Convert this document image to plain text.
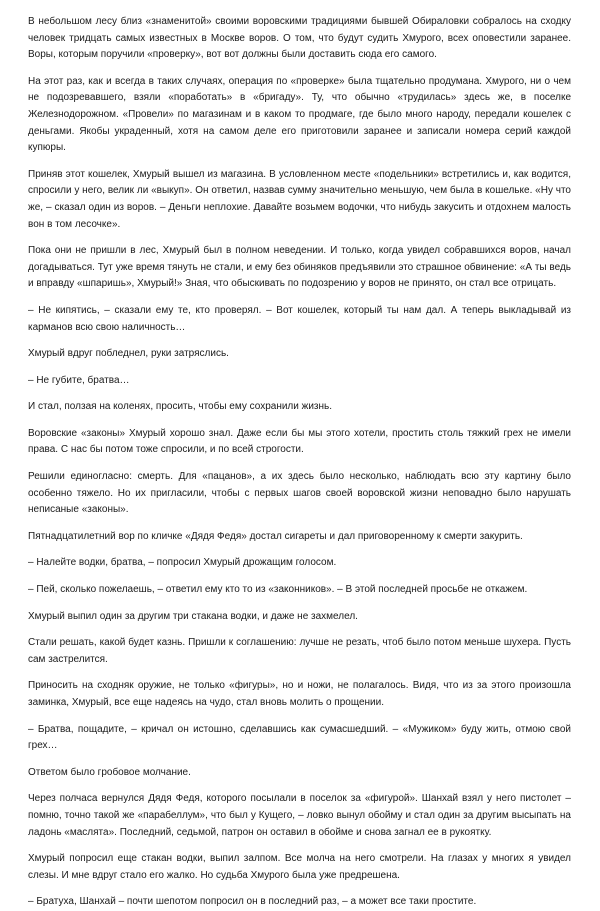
В небольшом лесу близ «знаменитой» своими воровскими традициями бывшей Обираловки собралось на сходку человек тридцать самых известных в Москве воров. О том, что будут судить Хмурого, всех оповестили заранее. Воры, которым поручили «проверку», вот вот должны были доставить сюда его самого.

На этот раз, как и всегда в таких случаях, операция по «проверке» была тщательно продумана. Хмурого, ни о чем не подозревавшего, взяли «поработать» в «бригаду». Ту, что обычно «трудилась» здесь же, в поселке Железнодорожном. «Провели» по магазинам и в каком то продмаге, где было много народу, передали кошелек с деньгами. Якобы украденный, хотя на самом деле его приготовили заранее и записали номера серий каждой купюры.

Приняв этот кошелек, Хмурый вышел из магазина. В условленном месте «подельники» встретились и, как водится, спросили у него, велик ли «выкуп». Он ответил, назвав сумму значительно меньшую, чем была в кошельке. «Ну что же, – сказал один из воров. – Деньги неплохие. Давайте возьмем водочки, что нибудь закусить и отдохнем малость вон в том лесочке».

Пока они не пришли в лес, Хмурый был в полном неведении. И только, когда увидел собравшихся воров, начал догадываться. Тут уже время тянуть не стали, и ему без обиняков предъявили это страшное обвинение: «А ты ведь и вправду «шпаришь», Хмурый!» Зная, что обыскивать по подозрению у воров не принято, он стал все отрицать.

– Не кипятись, – сказали ему те, кто проверял. – Вот кошелек, который ты нам дал. А теперь выкладывай из карманов всю свою наличность…

Хмурый вдруг побледнел, руки затряслись.

– Не губите, братва…

И стал, ползая на коленях, просить, чтобы ему сохранили жизнь.

Воровские «законы» Хмурый хорошо знал. Даже если бы мы этого хотели, простить столь тяжкий грех не имели права. С нас бы потом тоже спросили, и по всей строгости.

Решили единогласно: смерть. Для «пацанов», а их здесь было несколько, наблюдать всю эту картину было особенно тяжело. Но их пригласили, чтобы с первых шагов своей воровской жизни неповадно было нарушать неписаные «законы».

Пятнадцатилетний вор по кличке «Дядя Федя» достал сигареты и дал приговоренному к смерти закурить.

– Налейте водки, братва, – попросил Хмурый дрожащим голосом.

– Пей, сколько пожелаешь, – ответил ему кто то из «законников». – В этой последней просьбе не откажем.

Хмурый выпил один за другим три стакана водки, и даже не захмелел.

Стали решать, какой будет казнь. Пришли к соглашению: лучше не резать, чтоб было потом меньше шухера. Пусть сам застрелится.

Приносить на сходняк оружие, не только «фигуры», но и ножи, не полагалось. Видя, что из за этого произошла заминка, Хмурый, все еще надеясь на чудо, стал вновь молить о прощении.

– Братва, пощадите, – кричал он истошно, сделавшись как сумасшедший. – «Мужиком» буду жить, отмою свой грех…

Ответом было гробовое молчание.

Через полчаса вернулся Дядя Федя, которого посылали в поселок за «фигурой». Шанхай взял у него пистолет – помню, точно такой же «парабеллум», что был у Кущего, – ловко вынул обойму и стал один за другим высыпать на ладонь «маслята». Последний, седьмой, патрон он оставил в обойме и снова загнал ее в рукоятку.

Хмурый попросил еще стакан водки, выпил залпом. Все молча на него смотрели. На глазах у многих я увидел слезы. И мне вдруг стало его жалко. Но судьба Хмурого была уже предрешена.

– Братуха, Шанхай – почти шепотом попросил он в последний раз, – а может все таки простите.
